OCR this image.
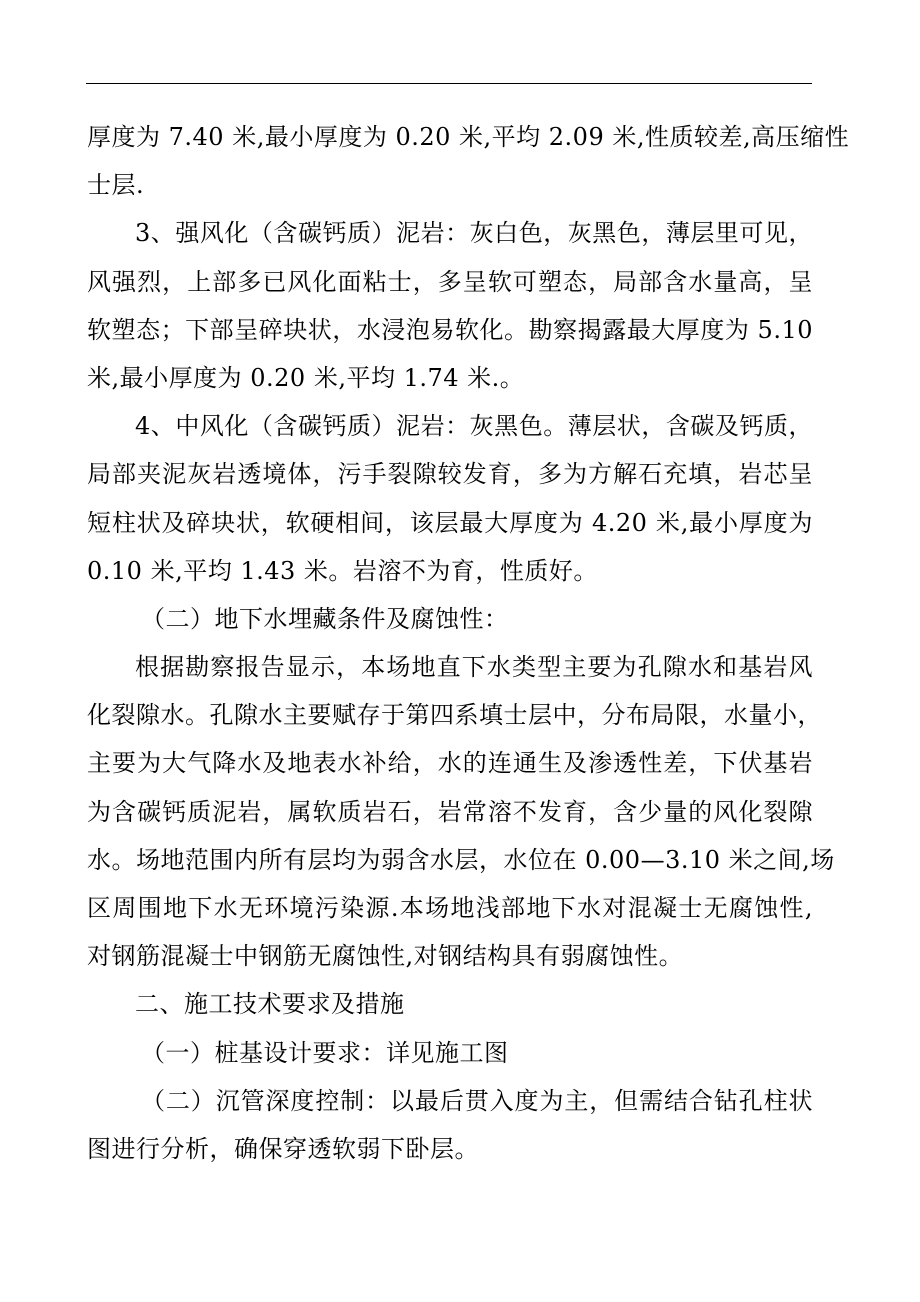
厚度为 7.40 米,最小厚度为 0.20 米,平均 2.09 米,性质较差,高压缩性
士层.
3、强风化（含碳钙质）泥岩：灰白色，灰黑色，薄层里可见，
风强烈，上部多已风化面粘士，多呈软可塑态，局部含水量高，呈
软塑态；下部呈碎块状，水浸泡易软化。勘察揭露最大厚度为 5.10
米,最小厚度为 0.20 米,平均 1.74 米.。
4、中风化（含碳钙质）泥岩：灰黑色。薄层状，含碳及钙质，
局部夹泥灰岩透境体，污手裂隙较发育，多为方解石充填，岩芯呈
短柱状及碎块状，软硬相间，该层最大厚度为 4.20 米,最小厚度为
0.10 米,平均 1.43 米。岩溶不为育，性质好。
（二）地下水埋藏条件及腐蚀性：
根据勘察报告显示，本场地直下水类型主要为孔隙水和基岩风
化裂隙水。孔隙水主要赋存于第四系填士层中，分布局限，水量小，
主要为大气降水及地表水补给，水的连通生及渗透性差，下伏基岩
为含碳钙质泥岩，属软质岩石，岩常溶不发育，含少量的风化裂隙
水。场地范围内所有层均为弱含水层，水位在 0.00—3.10 米之间,场
区周围地下水无环境污染源.本场地浅部地下水对混凝士无腐蚀性,
对钢筋混凝士中钢筋无腐蚀性,对钢结构具有弱腐蚀性。
二、施工技术要求及措施
（一）桩基设计要求：详见施工图
（二）沉管深度控制：以最后贯入度为主，但需结合钻孔柱状
图进行分析，确保穿透软弱下卧层。
